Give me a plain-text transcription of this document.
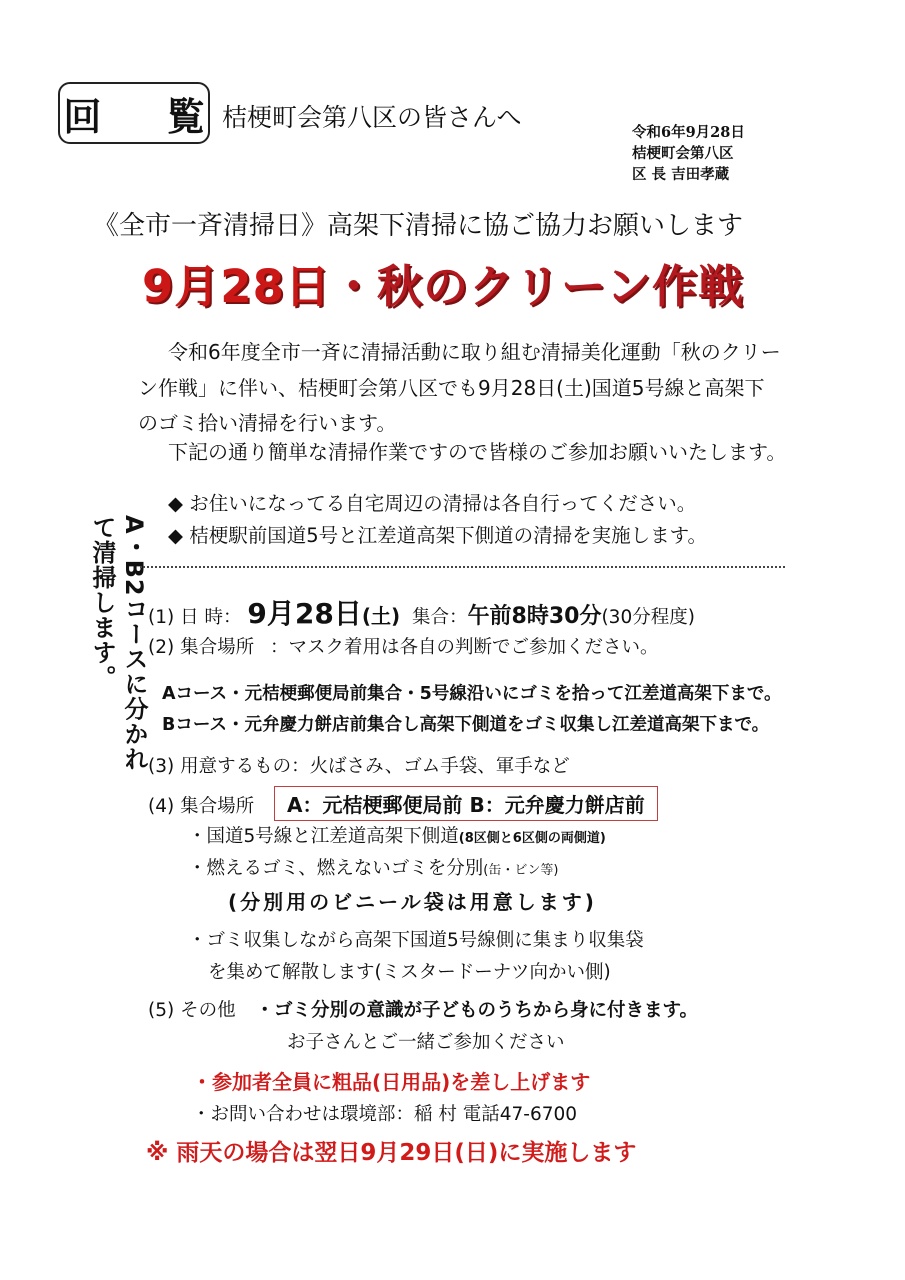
回 覧
桔梗町会第八区の皆さんへ
令和6年9月28日
桔梗町会第八区
区 長 吉田孝蔵
《全市一斉清掃日》高架下清掃に協ご協力お願いします
9月28日・秋のクリーン作戦
令和6年度全市一斉に清掃活動に取り組む清掃美化運動「秋のクリー
ン作戦」に伴い、桔梗町会第八区でも9月28日(土)国道5号線と高架下
のゴミ拾い清掃を行います。
下記の通り簡単な清掃作業ですので皆様のご参加お願いいたします。
◆ お住いになってる自宅周辺の清掃は各自行ってください。
◆ 桔梗駅前国道5号と江差道高架下側道の清掃を実施します。
A・B2コースに分かれて清掃します。	(1) 日 時： 9月28日(土) 集合：午前8時30分(30分程度)
(2) 集合場所 ：マスク着用は各自の判断でご参加ください。
Aコース・元桔梗郵便局前集合・5号線沿いにゴミを拾って江差道高架下まで。
Bコース・元弁慶力餅店前集合し高架下側道をゴミ収集し江差道高架下まで。
(3) 用意するもの：火ばさみ、ゴム手袋、軍手など
(4) 集合場所 A：元桔梗郵便局前 B：元弁慶力餅店前
・国道5号線と江差道高架下側道(8区側と6区側の両側道)
・燃えるゴミ、燃えないゴミを分別(缶・ビン等)
(分別用のビニール袋は用意します)
・ゴミ収集しながら高架下国道5号線側に集まり収集袋
を集めて解散します(ミスタードーナツ向かい側)
(5) その他 ・ゴミ分別の意識が子どものうちから身に付きます。
お子さんとご一緒ご参加ください
・参加者全員に粗品(日用品)を差し上げます
・お問い合わせは環境部：稲 村 電話47-6700
※ 雨天の場合は翌日9月29日(日)に実施します
